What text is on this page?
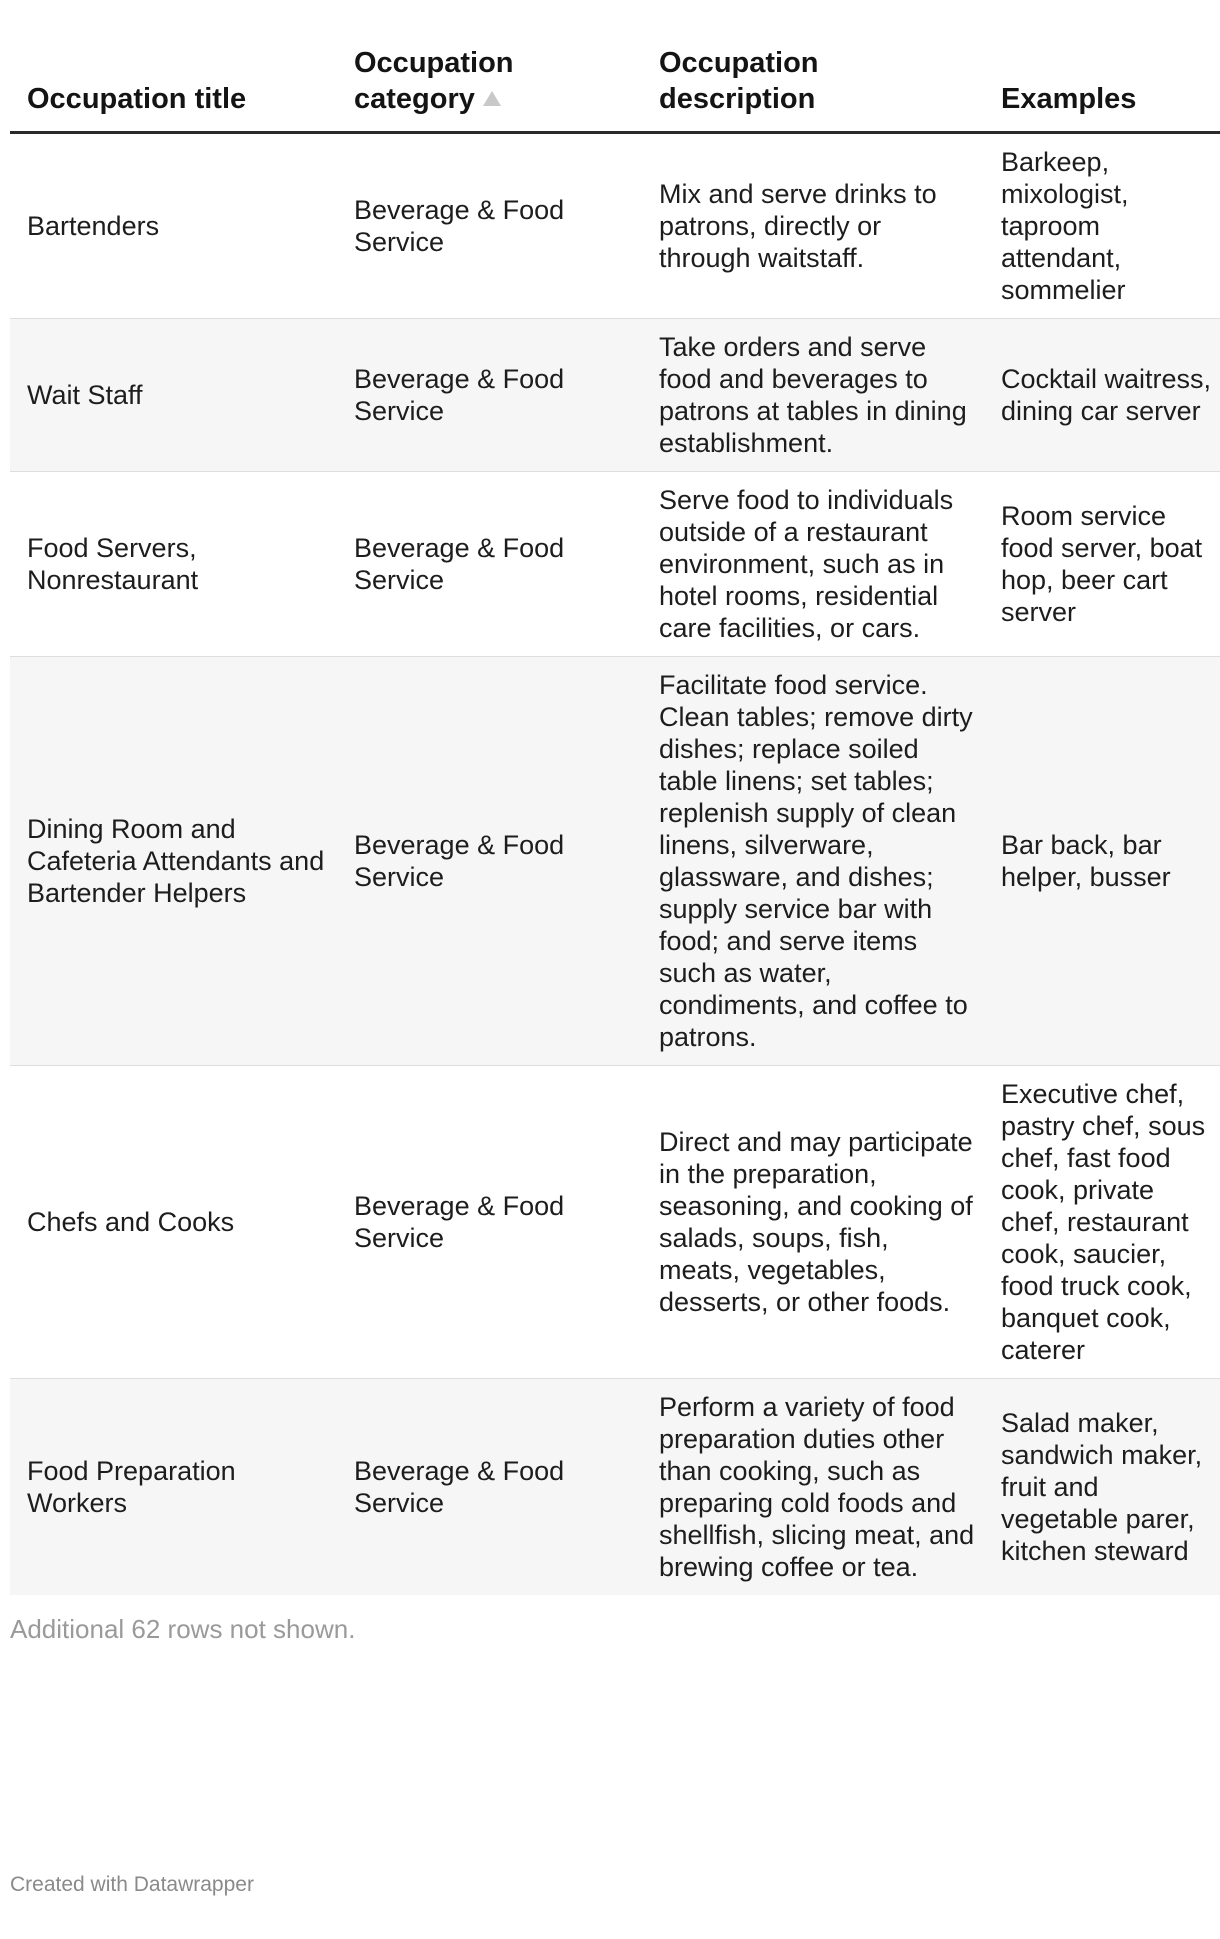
Occupation title	Occupation category	Occupation description	Examples
Bartenders	Beverage & Food Service	Mix and serve drinks to patrons, directly or through waitstaff.	Barkeep, mixologist, taproom attendant, sommelier
Wait Staff	Beverage & Food Service	Take orders and serve food and beverages to patrons at tables in dining establishment.	Cocktail waitress, dining car server
Food Servers, Nonrestaurant	Beverage & Food Service	Serve food to individuals outside of a restaurant environment, such as in hotel rooms, residential care facilities, or cars.	Room service food server, boat hop, beer cart server
Dining Room and Cafeteria Attendants and Bartender Helpers	Beverage & Food Service	Facilitate food service. Clean tables; remove dirty dishes; replace soiled table linens; set tables; replenish supply of clean linens, silverware, glassware, and dishes; supply service bar with food; and serve items such as water, condiments, and coffee to patrons.	Bar back, bar helper, busser
Chefs and Cooks	Beverage & Food Service	Direct and may participate in the preparation, seasoning, and cooking of salads, soups, fish, meats, vegetables, desserts, or other foods.	Executive chef, pastry chef, sous chef, fast food cook, private chef, restaurant cook, saucier, food truck cook, banquet cook, caterer
Food Preparation Workers	Beverage & Food Service	Perform a variety of food preparation duties other than cooking, such as preparing cold foods and shellfish, slicing meat, and brewing coffee or tea.	Salad maker, sandwich maker, fruit and vegetable parer, kitchen steward
Additional 62 rows not shown.
Created with Datawrapper
